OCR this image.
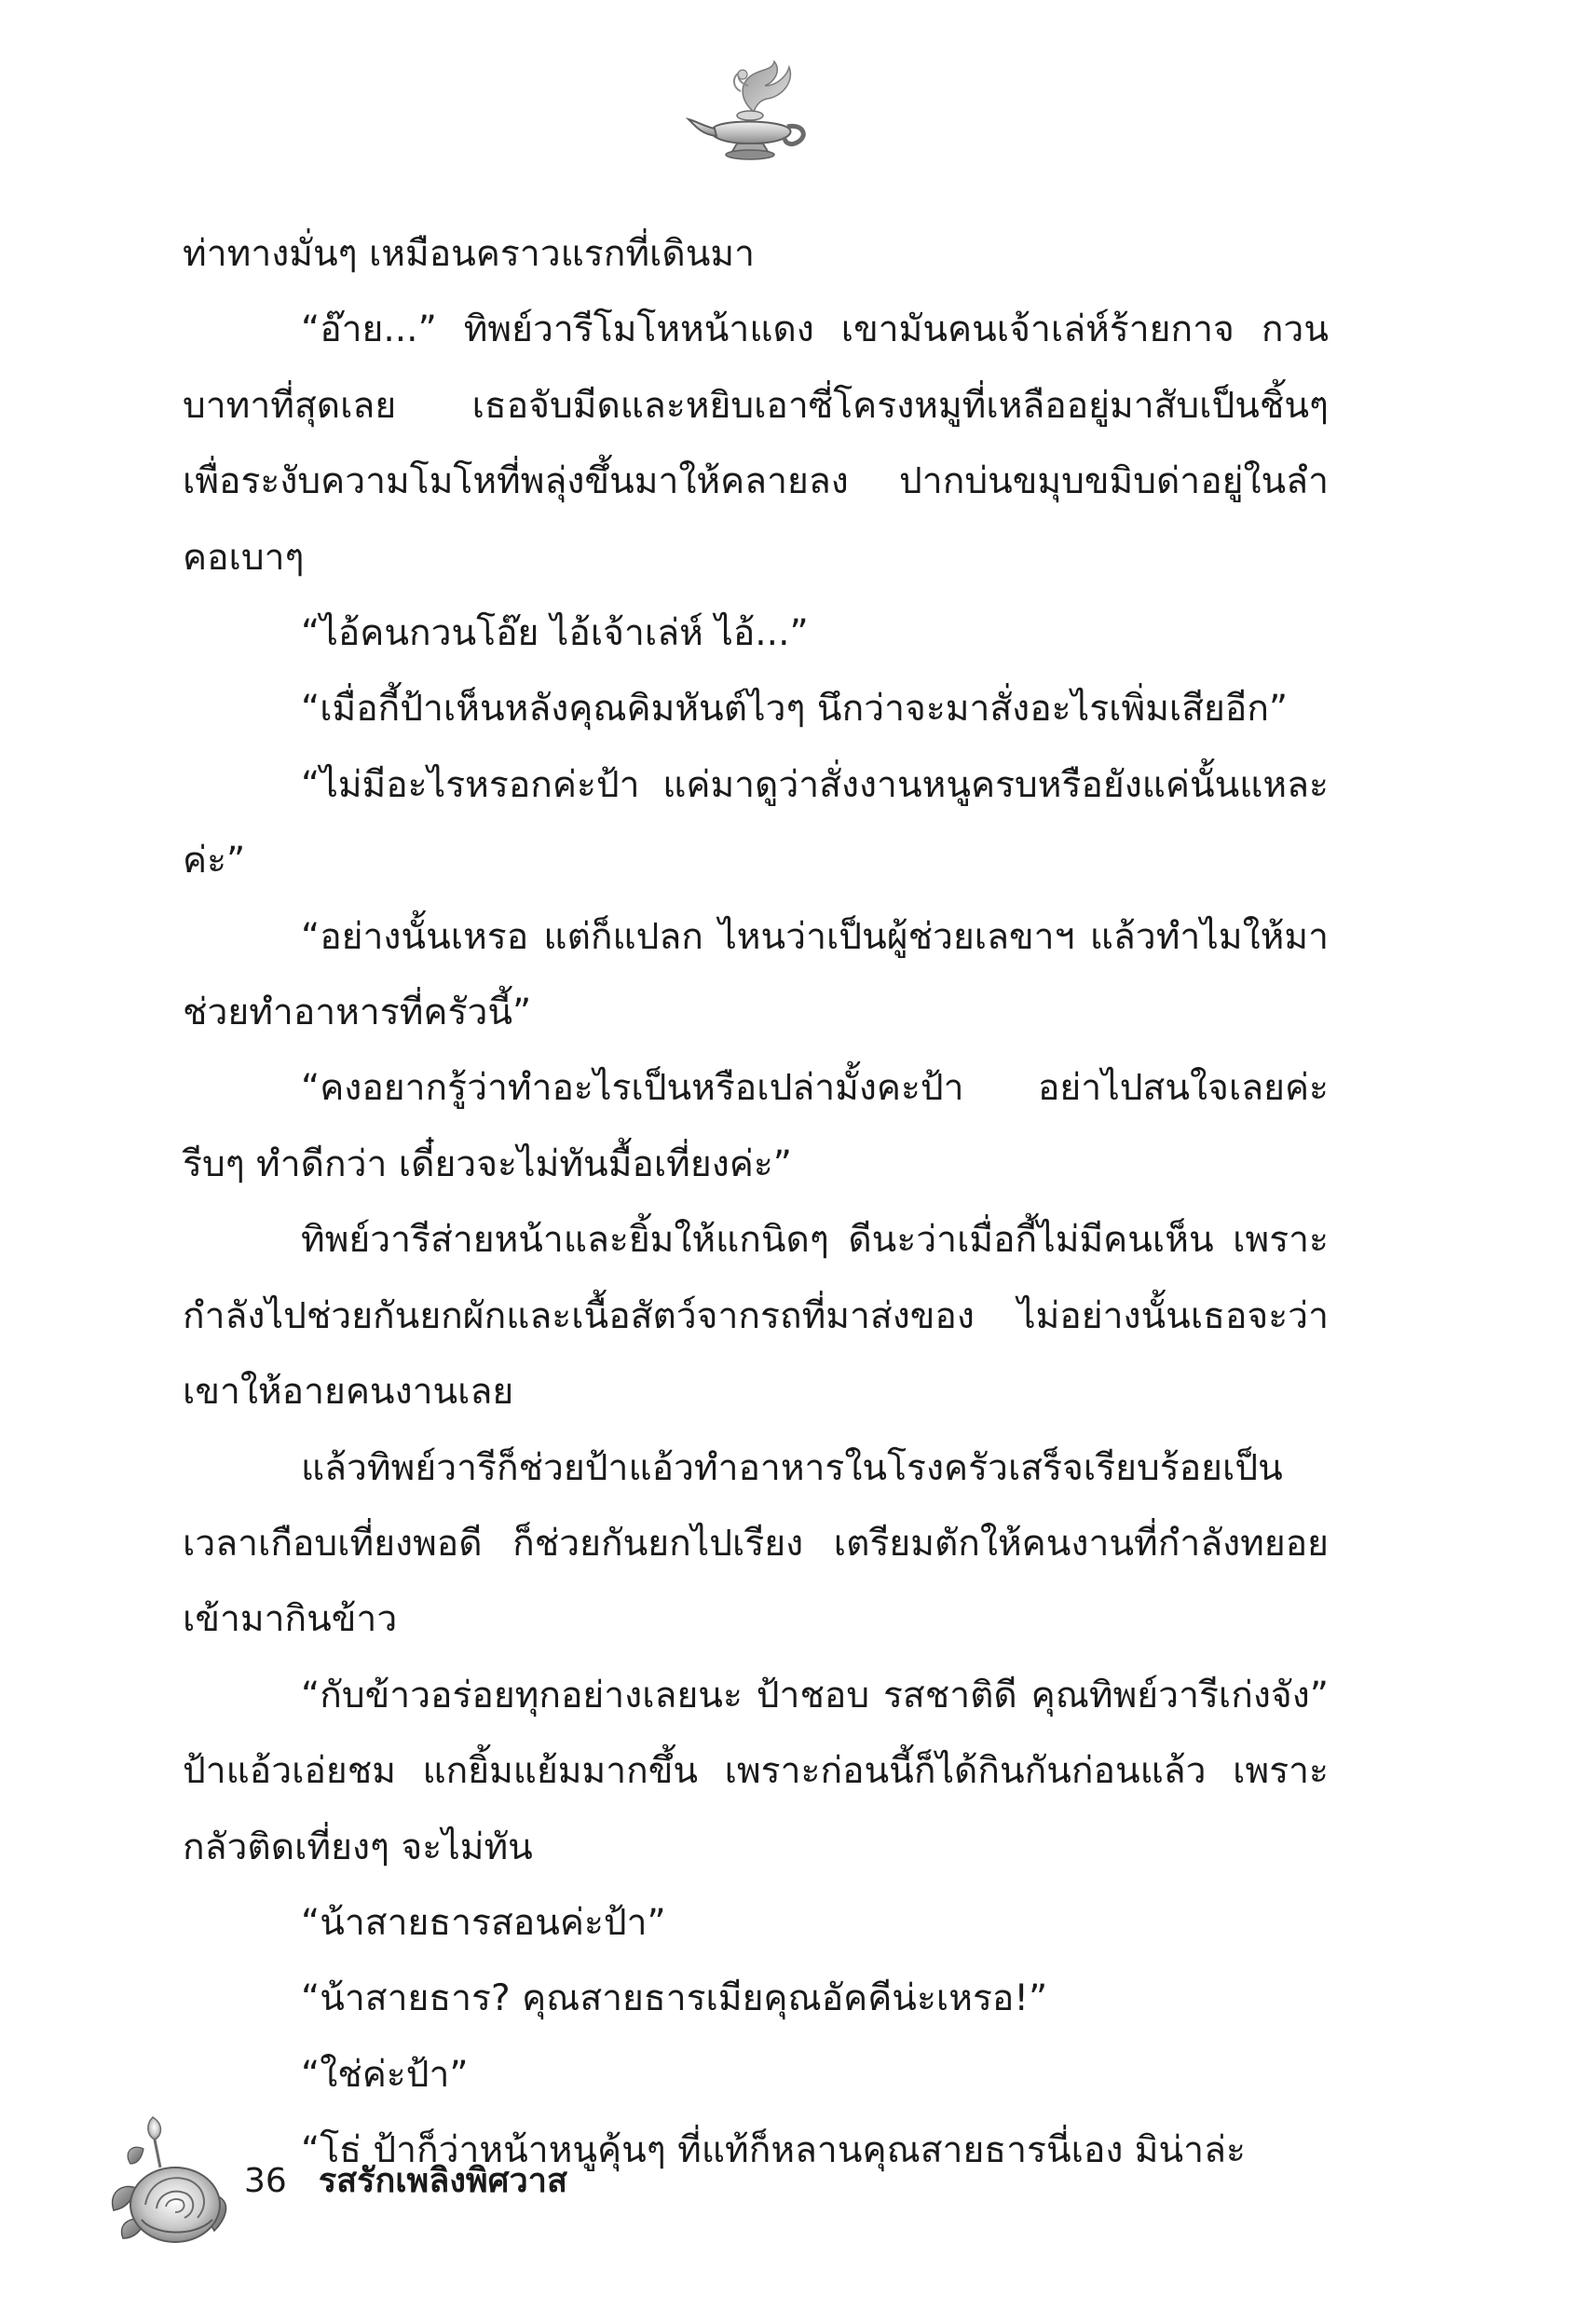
ท่าทางมั่นๆ เหมือนคราวแรกที่เดินมา

“อ๊าย...” ทิพย์วารีโมโหหน้าแดง เขามันคนเจ้าเล่ห์ร้ายกาจ กวนบาทาที่สุดเลย เธอจับมีดและหยิบเอาซี่โครงหมูที่เหลืออยู่มาสับเป็นชิ้นๆ เพื่อระงับความโมโหที่พลุ่งขึ้นมาให้คลายลง ปากบ่นขมุบขมิบด่าอยู่ในลำคอเบาๆ

“ไอ้คนกวนโอ๊ย ไอ้เจ้าเล่ห์ ไอ้...”

“เมื่อกี้ป้าเห็นหลังคุณคิมหันต์ไวๆ นึกว่าจะมาสั่งอะไรเพิ่มเสียอีก”

“ไม่มีอะไรหรอกค่ะป้า แค่มาดูว่าสั่งงานหนูครบหรือยังแค่นั้นแหละค่ะ”

“อย่างนั้นเหรอ แต่ก็แปลก ไหนว่าเป็นผู้ช่วยเลขาฯ แล้วทำไมให้มาช่วยทำอาหารที่ครัวนี้”

“คงอยากรู้ว่าทำอะไรเป็นหรือเปล่ามั้งคะป้า อย่าไปสนใจเลยค่ะ รีบๆ ทำดีกว่า เดี๋ยวจะไม่ทันมื้อเที่ยงค่ะ”

ทิพย์วารีส่ายหน้าและยิ้มให้แกนิดๆ ดีนะว่าเมื่อกี้ไม่มีคนเห็น เพราะกำลังไปช่วยกันยกผักและเนื้อสัตว์จากรถที่มาส่งของ ไม่อย่างนั้นเธอจะว่าเขาให้อายคนงานเลย

แล้วทิพย์วารีก็ช่วยป้าแอ้วทำอาหารในโรงครัวเสร็จเรียบร้อยเป็นเวลาเกือบเที่ยงพอดี ก็ช่วยกันยกไปเรียง เตรียมตักให้คนงานที่กำลังทยอยเข้ามากินข้าว

“กับข้าวอร่อยทุกอย่างเลยนะ ป้าชอบ รสชาติดี คุณทิพย์วารีเก่งจัง” ป้าแอ้วเอ่ยชม แกยิ้มแย้มมากขึ้น เพราะก่อนนี้ก็ได้กินกันก่อนแล้ว เพราะกลัวติดเที่ยงๆ จะไม่ทัน

“น้าสายธารสอนค่ะป้า”

“น้าสายธาร? คุณสายธารเมียคุณอัคคีน่ะเหรอ!”

“ใช่ค่ะป้า”

“โธ่ ป้าก็ว่าหน้าหนูคุ้นๆ ที่แท้ก็หลานคุณสายธารนี่เอง มิน่าล่ะ

36 รสรักเพลิงพิศวาส
